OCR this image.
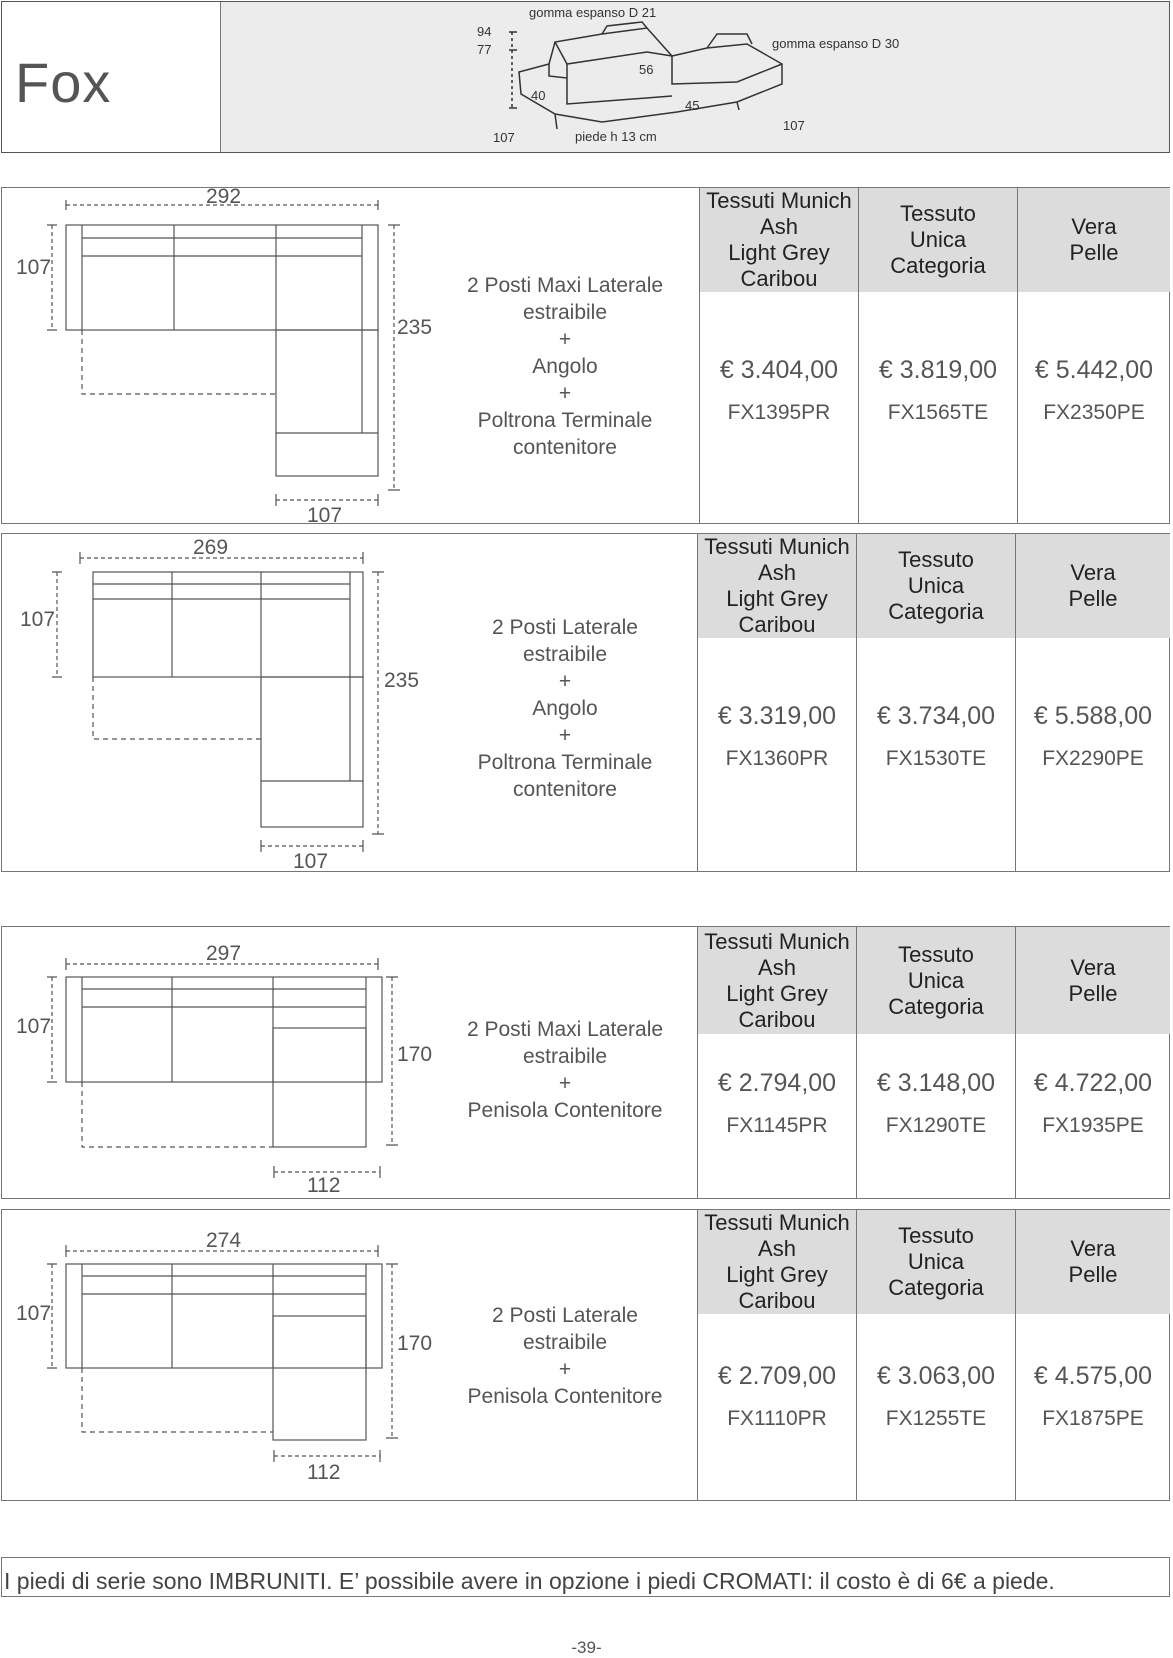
Fox
94
77
gomma espanso D 21
gomma espanso D 30
56
40
45
107
107	piede h 13 cm
292
107
235
107
2 Posti Maxi Laterale
estraibile
+
Angolo
+
Poltrona Terminale
contenitore
Tessuti Munich
Ash
Light Grey
Caribou
€ 3.404,00
FX1395PR
Tessuto
Unica
Categoria
€ 3.819,00
FX1565TE
Vera
Pelle
€ 5.442,00
FX2350PE
269
107
235
107
2 Posti Laterale
estraibile
+
Angolo
+
Poltrona Terminale
contenitore
Tessuti Munich
Ash
Light Grey
Caribou
€ 3.319,00
FX1360PR
Tessuto
Unica
Categoria
€ 3.734,00
FX1530TE
Vera
Pelle
€ 5.588,00
FX2290PE
297
107
170
112
2 Posti Maxi Laterale
estraibile
+
Penisola Contenitore
Tessuti Munich
Ash
Light Grey
Caribou
€ 2.794,00
FX1145PR
Tessuto
Unica
Categoria
€ 3.148,00
FX1290TE
Vera
Pelle
€ 4.722,00
FX1935PE
274
107
170
112
2 Posti Laterale
estraibile
+
Penisola Contenitore
Tessuti Munich
Ash
Light Grey
Caribou
€ 2.709,00
FX1110PR
Tessuto
Unica
Categoria
€ 3.063,00
FX1255TE
Vera
Pelle
€ 4.575,00
FX1875PE
I piedi di serie sono IMBRUNITI. E’ possibile avere in opzione i piedi CROMATI: il costo è di 6€ a piede.
-39-
